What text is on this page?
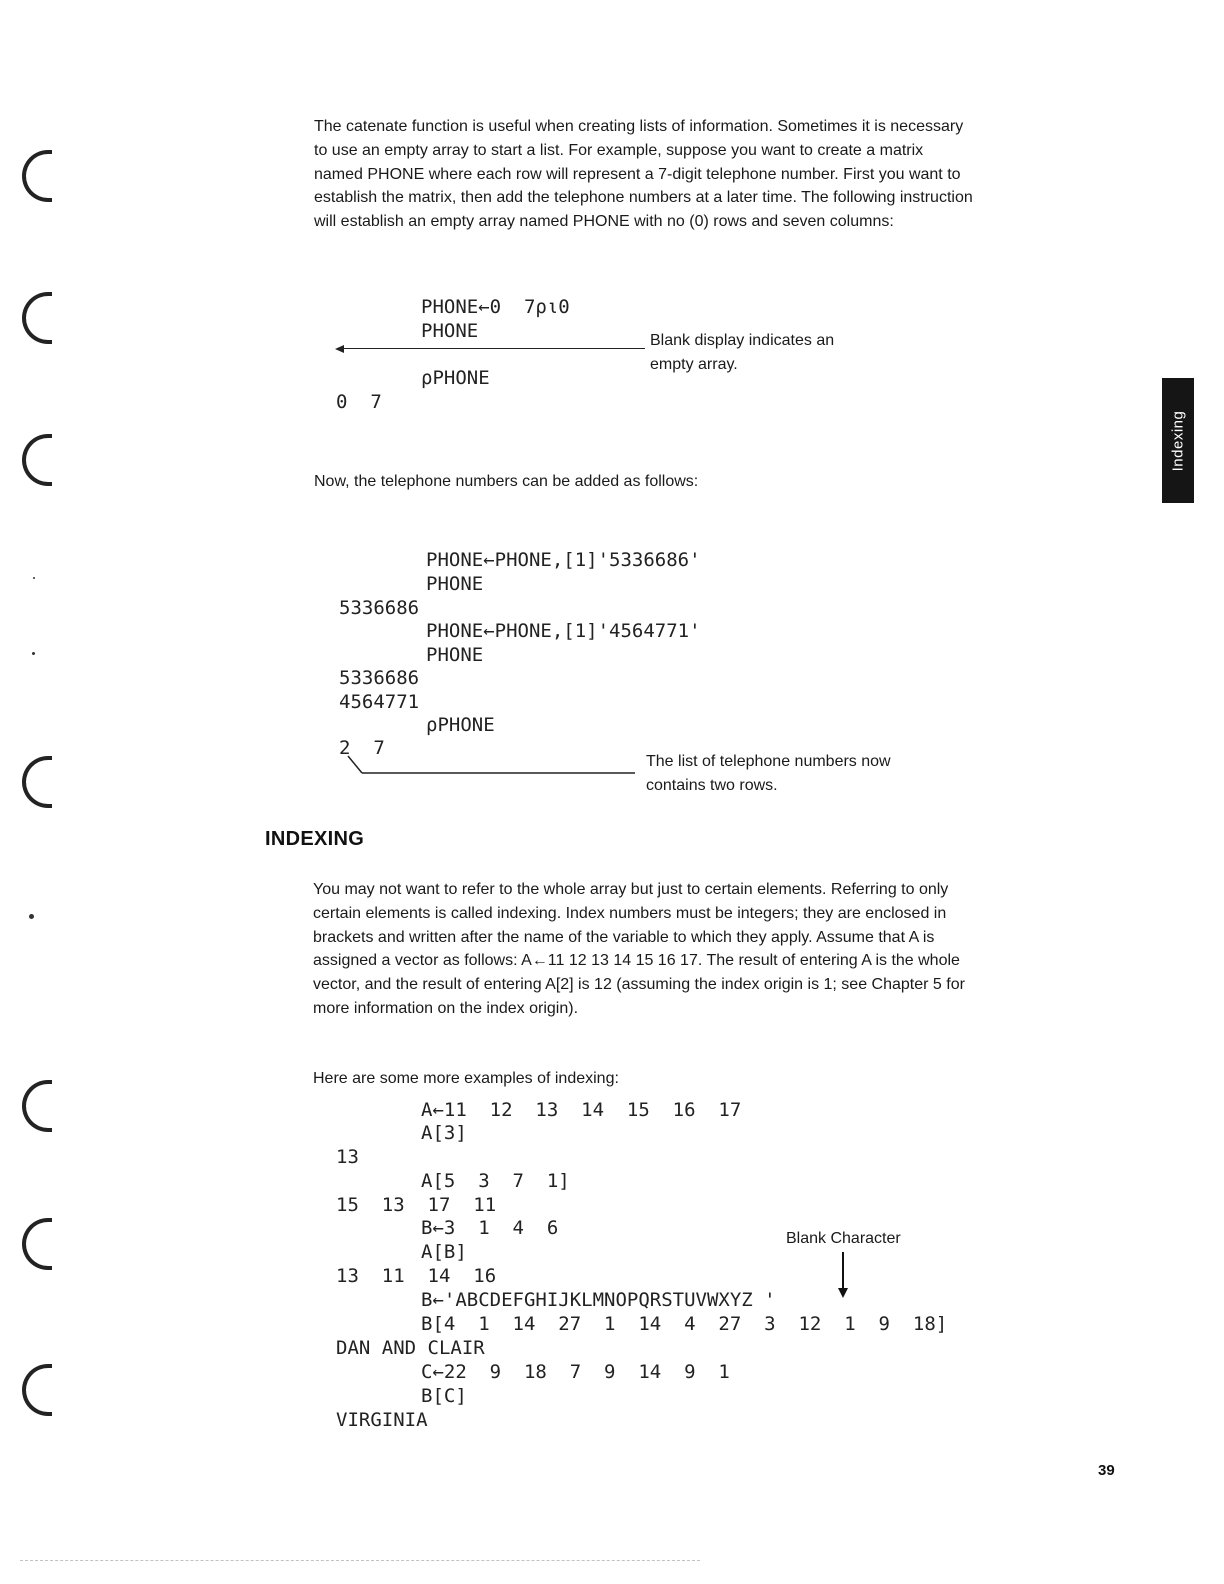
The catenate function is useful when creating lists of information. Sometimes it is necessary to use an empty array to start a list. For example, suppose you want to create a matrix named PHONE where each row will represent a 7-digit telephone number. First you want to establish the matrix, then add the telephone numbers at a later time. The following instruction will establish an empty array named PHONE with no (0) rows and seven columns:

PHONE←0  7⍴⍳0
PHONE	Blank display indicates an empty array.

⍴PHONE
0  7

Now, the telephone numbers can be added as follows:

PHONE←PHONE,[1]'5336686'
PHONE
5336686
PHONE←PHONE,[1]'4564771'
PHONE
5336686
4564771
⍴PHONE
2  7

The list of telephone numbers now contains two rows.

INDEXING

You may not want to refer to the whole array but just to certain elements. Referring to only certain elements is called indexing. Index numbers must be integers; they are enclosed in brackets and written after the name of the variable to which they apply. Assume that A is assigned a vector as follows: A←11 12 13 14 15 16 17. The result of entering A is the whole vector, and the result of entering A[2] is 12 (assuming the index origin is 1; see Chapter 5 for more information on the index origin).

Here are some more examples of indexing:

A←11  12  13  14  15  16  17
A[3]
13
A[5  3  7  1]
15  13  17  11
B←3  1  4  6	Blank Character

A[B]
13  11  14  16
B←'ABCDEFGHIJKLMNOPQRSTUVWXYZ '
B[4  1  14  27  1  14  4  27  3  12  1  9  18]
DAN AND CLAIR
C←22  9  18  7  9  14  9  1
B[C]
VIRGINIA
Indexing
39
